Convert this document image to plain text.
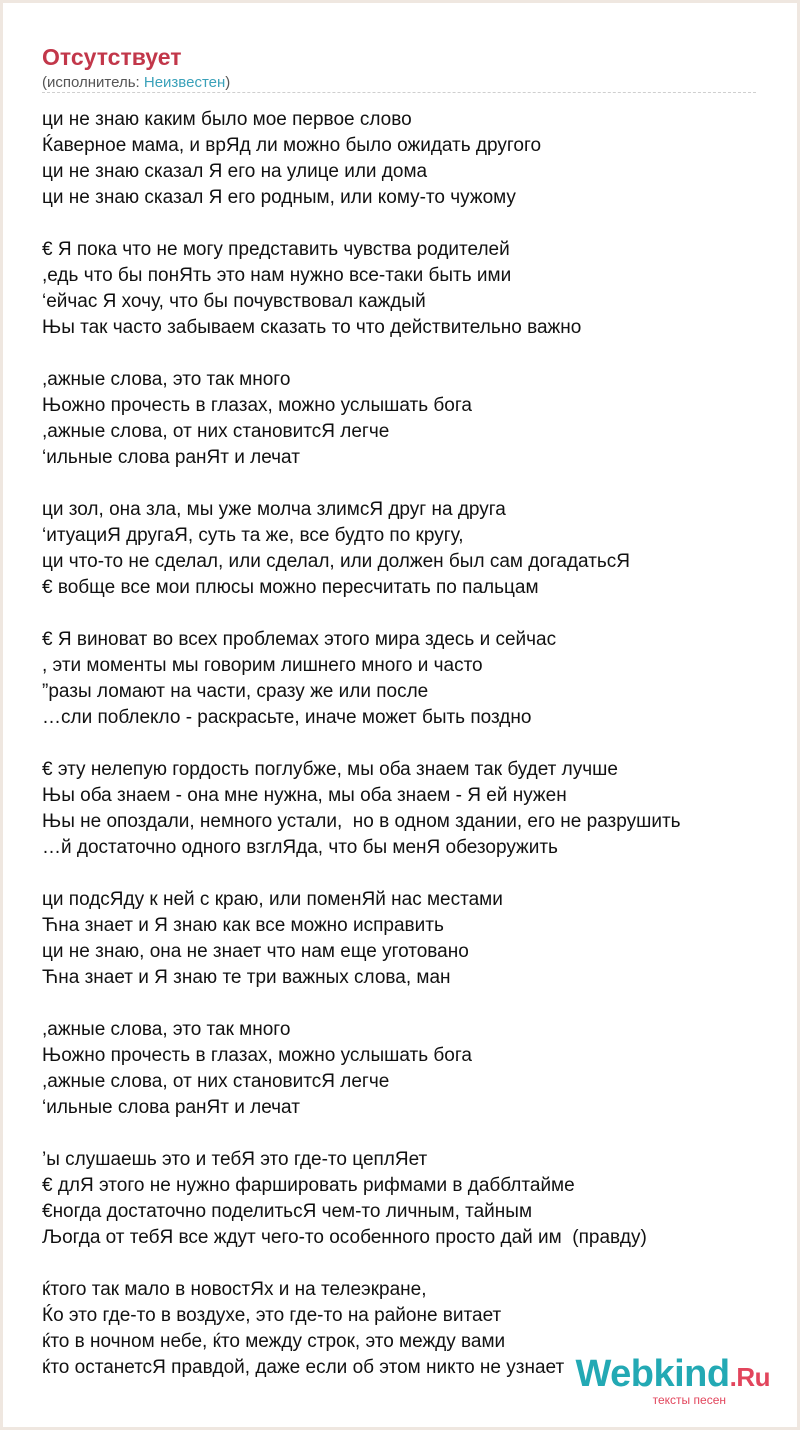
Отсутствует
(исполнитель: Неизвестен)
ци не знаю каким было мое первое слово
Ќаверное мама, и врЯд ли можно было ожидать другого
ци не знаю сказал Я его на улице или дома
ци не знаю сказал Я его родным, или кому-то чужому
€ Я пока что не могу представить чувства родителей
,едь что бы понЯть это нам нужно все-таки быть ими
‘ейчас Я хочу, что бы почувствовал каждый
Њы так часто забываем сказать то что действительно важно
,ажные слова, это так много
Њожно прочесть в глазах, можно услышать бога
,ажные слова, от них становитсЯ легче
‘ильные слова ранЯт и лечат
ци зол, она зла, мы уже молча злимсЯ друг на друга
‘итуациЯ другаЯ, суть та же, все будто по кругу,
ци что-то не сделал, или сделал, или должен был сам догадатьсЯ
€ вобще все мои плюсы можно пересчитать по пальцам
€ Я виноват во всех проблемах этого мира здесь и сейчас
, эти моменты мы говорим лишнего много и часто
”разы ломают на части, сразу же или после
…сли поблекло - раскрасьте, иначе может быть поздно
€ эту нелепую гордость поглубже, мы оба знаем так будет лучше
Њы оба знаем - она мне нужна, мы оба знаем - Я ей нужен
Њы не опоздали, немного устали,  но в одном здании, его не разрушить
…й достаточно одного взглЯда, что бы менЯ обезоружить
ци подсЯду к ней с краю, или поменЯй нас местами
Ћна знает и Я знаю как все можно исправить
ци не знаю, она не знает что нам еще уготовано
Ћна знает и Я знаю те три важных слова, ман
,ажные слова, это так много
Њожно прочесть в глазах, можно услышать бога
,ажные слова, от них становитсЯ легче
‘ильные слова ранЯт и лечат
’ы слушаешь это и тебЯ это где-то цеплЯет
€ длЯ этого не нужно фаршировать рифмами в дабблтайме
€ногда достаточно поделитьсЯ чем-то личным, тайным
Љогда от тебЯ все ждут чего-то особенного просто дай им  (правду)
ќтого так мало в новостЯх и на телеэкране,
Ќо это где-то в воздухе, это где-то на районе витает
ќто в ночном небе, ќто между строк, это между вами
ќто останетсЯ правдой, даже если об этом никто не узнает Webkind.Ru
тексты песен
